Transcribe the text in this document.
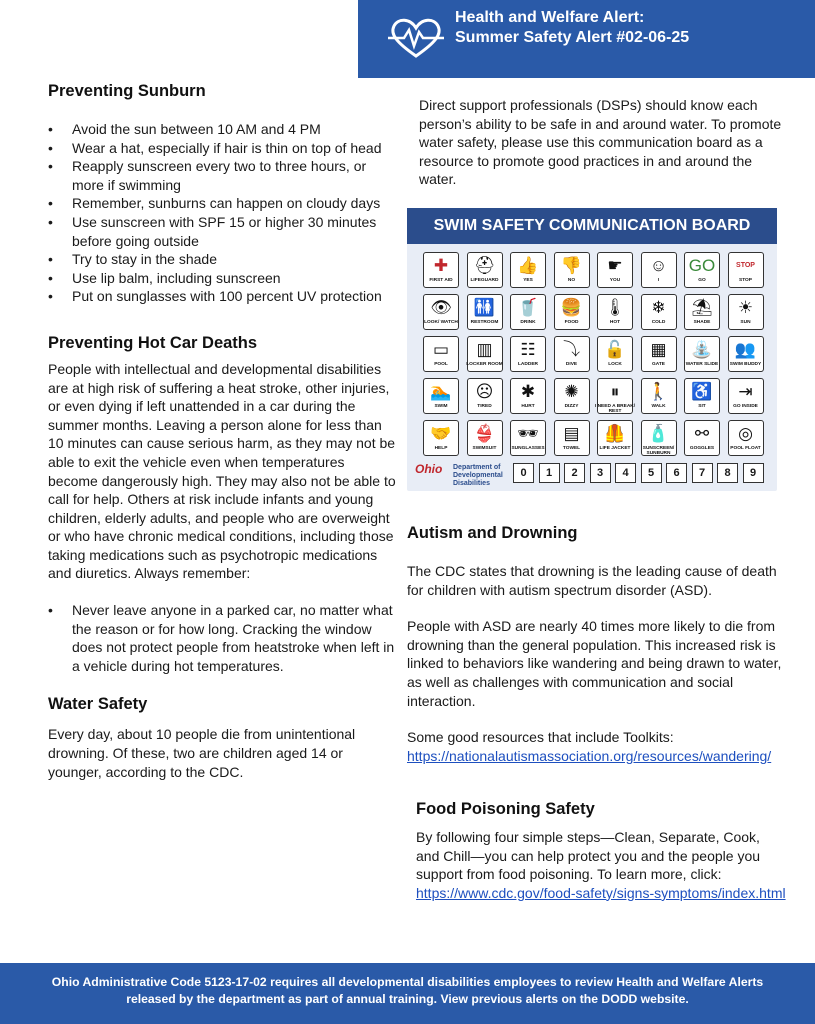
Health and Welfare Alert:
Summer Safety Alert #02-06-25
Preventing Sunburn
• Avoid the sun between 10 AM and 4 PM
• Wear a hat, especially if hair is thin on top of head
• Reapply sunscreen every two to three hours, or more if swimming
• Remember, sunburns can happen on cloudy days
• Use sunscreen with SPF 15 or higher 30 minutes before going outside
• Try to stay in the shade
• Use lip balm, including sunscreen
• Put on sunglasses with 100 percent UV protection
Preventing Hot Car Deaths

People with intellectual and developmental disabilities are at high risk of suffering a heat stroke, other injuries, or even dying if left unattended in a car during the summer months. Leaving a person alone for less than 10 minutes can cause serious harm, as they may not be able to exit the vehicle even when temperatures become dangerously high. They may also not be able to call for help. Others at risk include infants and young children, elderly adults, and people who are overweight or who have chronic medical conditions, including those taking medications such as psychotropic medications and diuretics. Always remember:

• Never leave anyone in a parked car, no matter what the reason or for how long. Cracking the window does not protect people from heatstroke when left in a vehicle during hot temperatures.
Water Safety

Every day, about 10 people die from unintentional drowning. Of these, two are children aged 14 or younger, according to the CDC.

Direct support professionals (DSPs) should know each person’s ability to be safe in and around water. To promote water safety, please use this communication board as a resource to promote good practices in and around the water.

SWIM SAFETY COMMUNICATION BOARD
Ohio Department of
Developmental
Disabilities
✚
FIRST AID
⛑
LIFEGUARD
👍
YES
👎
NO
☛
YOU
☺
I
GO
GO
STOP
STOP
👁
LOOK/ WATCH
🚻
RESTROOM
🥤
DRINK
🍔
FOOD
🌡
HOT
❄
COLD
⛱
SHADE
☀
SUN
▭
POOL
▥
LOCKER ROOM
☷
LADDER
⤵
DIVE
🔓
LOCK
▦
GATE
⛲
WATER SLIDE
👥
SWIM BUDDY
🏊
SWIM
☹
TIRED
✱
HURT
✺
DIZZY
⏸
I NEED A BREAK/ REST
🚶
WALK
♿
SIT
⇥
GO INSIDE
🤝
HELP
👙
SWIMSUIT
🕶
SUNGLASSES
▤
TOWEL
🦺
LIFE JACKET
🧴
SUNSCREEN/ SUNBURN
⚯
GOGGLES
◎
POOL FLOAT
0	1	2	3	4	5	6	7	8	9
Autism and Drowning

The CDC states that drowning is the leading cause of death for children with autism spectrum disorder (ASD).

People with ASD are nearly 40 times more likely to die from drowning than the general population. This increased risk is linked to behaviors like wandering and being drawn to water, as well as challenges with communication and social interaction.

Some good resources that include Toolkits: https://nationalautismassociation.org/resources/wandering/

Food Poisoning Safety

By following four simple steps—Clean, Separate, Cook, and Chill—you can help protect you and the people you support from food poisoning. To learn more, click: https://www.cdc.gov/food-safety/signs-symptoms/index.html

Ohio Administrative Code 5123-17-02 requires all developmental disabilities employees to review Health and Welfare Alerts released by the department as part of annual training. View previous alerts on the DODD website.
